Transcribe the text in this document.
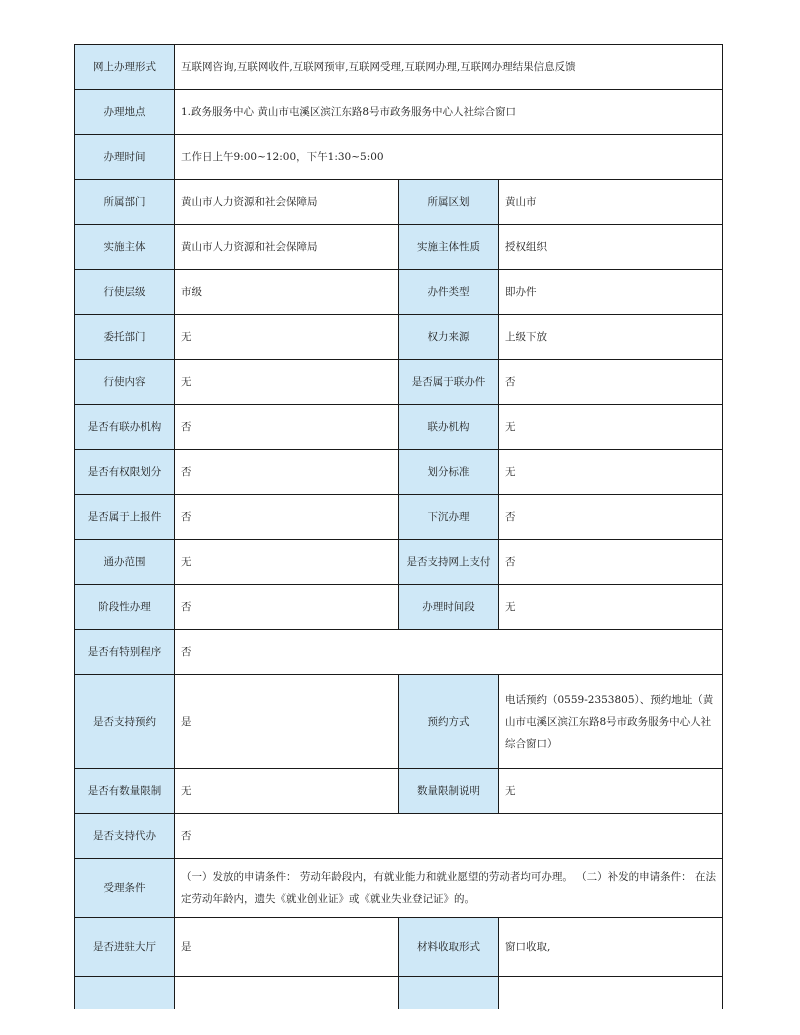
网上办理形式	互联网咨询,互联网收件,互联网预审,互联网受理,互联网办理,互联网办理结果信息反馈		
办理地点	1.政务服务中心 黄山市屯溪区滨江东路8号市政务服务中心人社综合窗口		
办理时间	工作日上午9:00~12:00，下午1:30~5:00		
所属部门	黄山市人力资源和社会保障局	所属区划	黄山市
实施主体	黄山市人力资源和社会保障局	实施主体性质	授权组织
行使层级	市级	办件类型	即办件
委托部门	无	权力来源	上级下放
行使内容	无	是否属于联办件	否
是否有联办机构	否	联办机构	无
是否有权限划分	否	划分标准	无
是否属于上报件	否	下沉办理	否
通办范围	无	是否支持网上支付	否
阶段性办理	否	办理时间段	无
是否有特别程序	否		
是否支持预约	是	预约方式	电话预约（0559-2353805）、预约地址（黄山市屯溪区滨江东路8号市政务服务中心人社综合窗口）
是否有数量限制	无	数量限制说明	无
是否支持代办	否		
受理条件	（一）发放的申请条件： 劳动年龄段内，有就业能力和就业愿望的劳动者均可办理。 （二）补发的申请条件： 在法定劳动年龄内，遗失《就业创业证》或《就业失业登记证》的。		
是否进驻大厅	是	材料收取形式	窗口收取,
